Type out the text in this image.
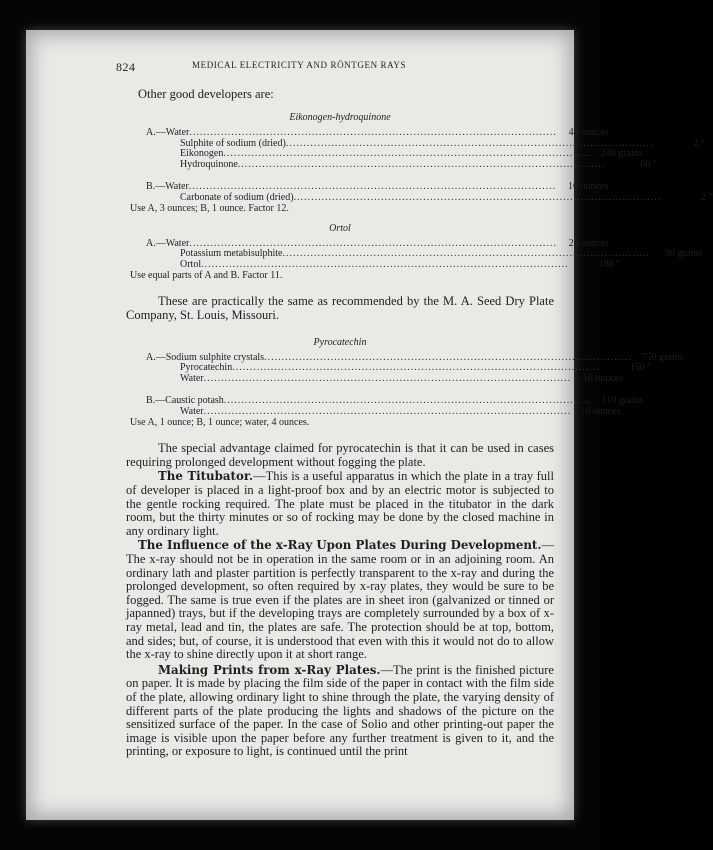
824	MEDICAL ELECTRICITY AND RÖNTGEN RAYS

Other good developers are:

Eikonogen-hydroquinone

A.—Water .........................................................................................................	48 ounces
Sulphite of sodium (dried) .........................................................................................................	2 “
Eikonogen .........................................................................................................	240 grains
Hydroquinone .........................................................................................................	60 “
B.—Water .........................................................................................................	16 ounces
Carbonate of sodium (dried) .........................................................................................................	2 “

Use A, 3 ounces; B, 1 ounce. Factor 12.

Ortol

A.—Water .........................................................................................................	24 ounces
Potassium metabisulphite .........................................................................................................	90 grains
Ortol .........................................................................................................	180 “

Use equal parts of A and B. Factor 11.

These are practically the same as recommended by the M. A. Seed Dry Plate Company, St. Louis, Missouri.

Pyrocatechin

A.—Sodium sulphite crystals .........................................................................................................	750 grains
Pyrocatechin .........................................................................................................	150 “
Water .........................................................................................................	16 ounces
B.—Caustic potash .........................................................................................................	110 grains
Water ......................................................................................................... 16 ounces.

Use A, 1 ounce; B, 1 ounce; water, 4 ounces.

The special advantage claimed for pyrocatechin is that it can be used in cases requiring prolonged development without fogging the plate.

The Titubator.—This is a useful apparatus in which the plate in a tray full of developer is placed in a light-proof box and by an electric motor is subjected to the gentle rocking required. The plate must be placed in the titubator in the dark room, but the thirty minutes or so of rocking may be done by the closed machine in any ordinary light.

The Influence of the x-Ray Upon Plates During Development.—The x-ray should not be in operation in the same room or in an adjoining room. An ordinary lath and plaster partition is perfectly transparent to the x-ray and during the prolonged development, so often required by x-ray plates, they would be sure to be fogged. The same is true even if the plates are in sheet iron (galvanized or tinned or japanned) trays, but if the developing trays are completely surrounded by a box of x-ray metal, lead and tin, the plates are safe. The protection should be at top, bottom, and sides; but, of course, it is understood that even with this it would not do to allow the x-ray to shine directly upon it at short range.

Making Prints from x-Ray Plates.—The print is the finished picture on paper. It is made by placing the film side of the paper in contact with the film side of the plate, allowing ordinary light to shine through the plate, the varying density of different parts of the plate producing the lights and shadows of the picture on the sensitized surface of the paper. In the case of Solio and other printing-out paper the image is visible upon the paper before any further treatment is given to it, and the printing, or exposure to light, is continued until the print
